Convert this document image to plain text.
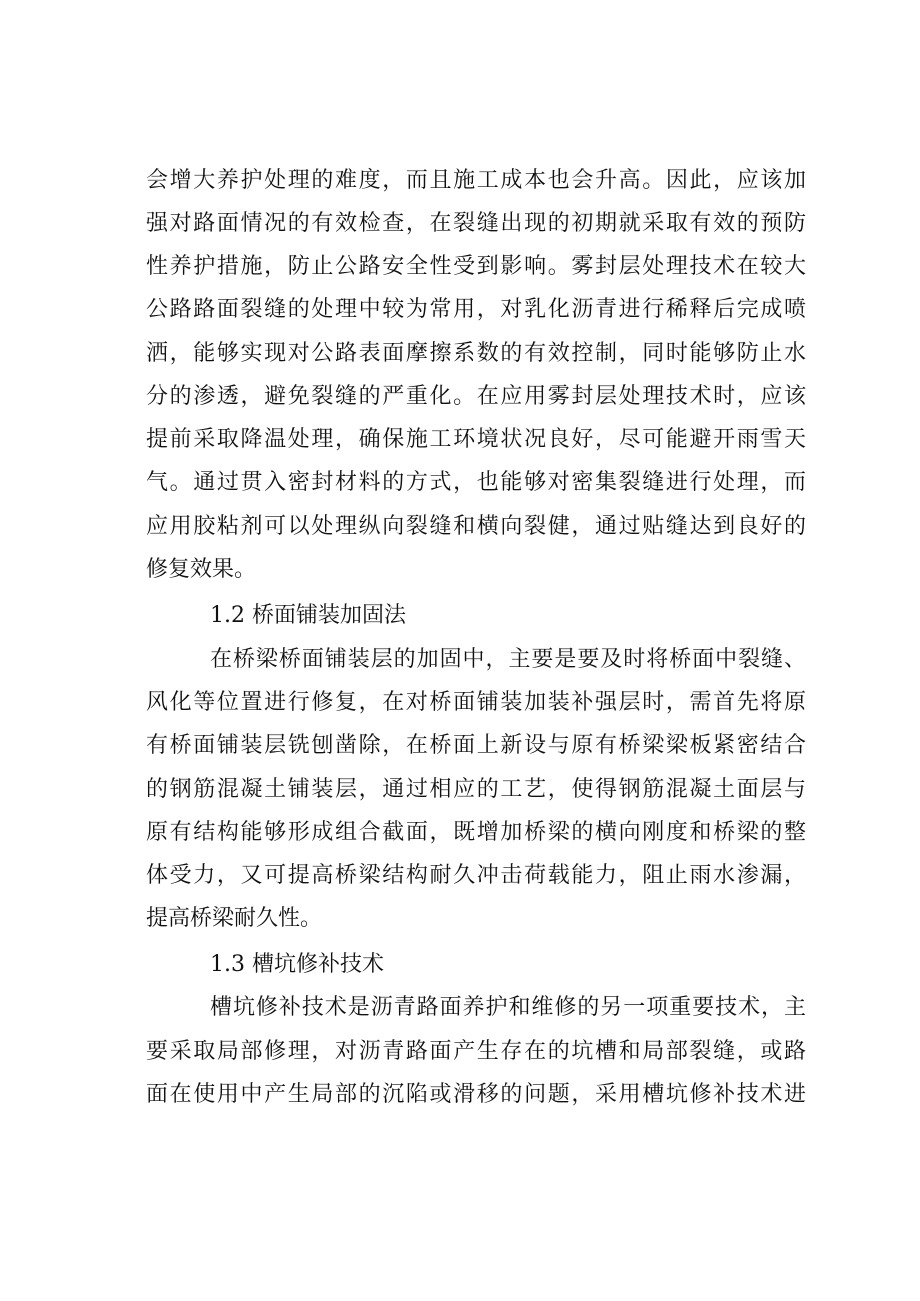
会增大养护处理的难度，而且施工成本也会升高。因此，应该加
强对路面情况的有效检查，在裂缝出现的初期就采取有效的预防
性养护措施，防止公路安全性受到影响。雾封层处理技术在较大
公路路面裂缝的处理中较为常用，对乳化沥青进行稀释后完成喷
洒，能够实现对公路表面摩擦系数的有效控制，同时能够防止水
分的渗透，避免裂缝的严重化。在应用雾封层处理技术时，应该
提前采取降温处理，确保施工环境状况良好，尽可能避开雨雪天
气。通过贯入密封材料的方式，也能够对密集裂缝进行处理，而
应用胶粘剂可以处理纵向裂缝和横向裂健，通过贴缝达到良好的
修复效果。
1.2 桥面铺装加固法
在桥梁桥面铺装层的加固中，主要是要及时将桥面中裂缝、
风化等位置进行修复，在对桥面铺装加装补强层时，需首先将原
有桥面铺装层铣刨凿除，在桥面上新设与原有桥梁梁板紧密结合
的钢筋混凝土铺装层，通过相应的工艺，使得钢筋混凝土面层与
原有结构能够形成组合截面，既增加桥梁的横向刚度和桥梁的整
体受力，又可提高桥梁结构耐久冲击荷载能力，阻止雨水渗漏，
提高桥梁耐久性。
1.3 槽坑修补技术
槽坑修补技术是沥青路面养护和维修的另一项重要技术，主
要采取局部修理，对沥青路面产生存在的坑槽和局部裂缝，或路
面在使用中产生局部的沉陷或滑移的问题，采用槽坑修补技术进
